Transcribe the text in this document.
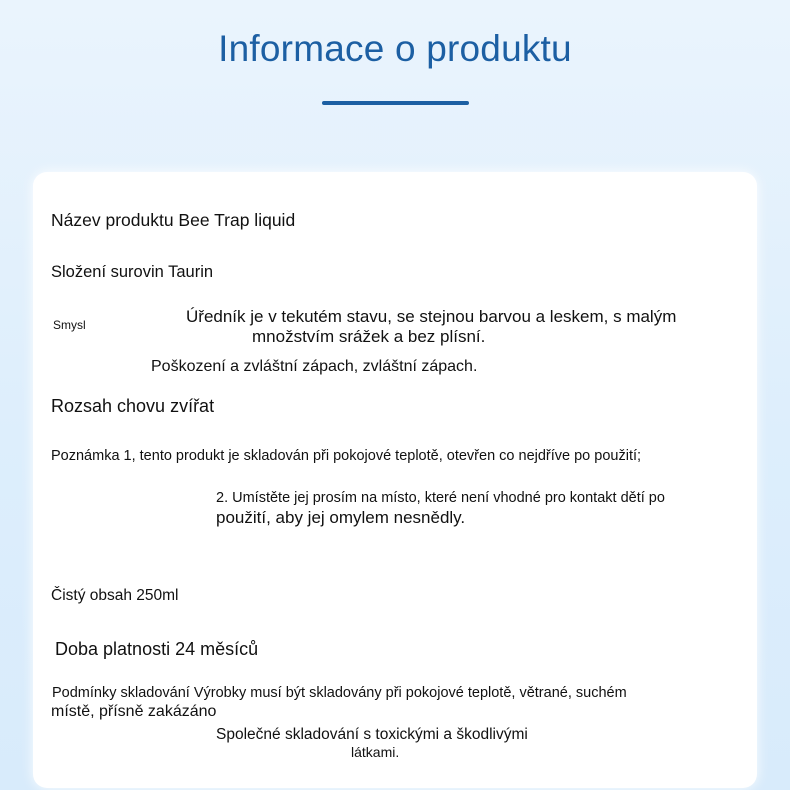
Informace o produktu
Název produktu Bee Trap liquid
Složení surovin Taurin
Smysl	Úředník je v tekutém stavu, se stejnou barvou a leskem, s malým
množstvím srážek a bez plísní.
Poškození a zvláštní zápach, zvláštní zápach.
Rozsah chovu zvířat
Poznámka 1, tento produkt je skladován při pokojové teplotě, otevřen co nejdříve po použití;
2. Umístěte jej prosím na místo, které není vhodné pro kontakt dětí po
použití, aby jej omylem nesnědly.
Čistý obsah 250ml
Doba platnosti 24 měsíců
Podmínky skladování Výrobky musí být skladovány při pokojové teplotě, větrané, suchém
místě, přísně zakázáno
Společné skladování s toxickými a škodlivými
látkami.
